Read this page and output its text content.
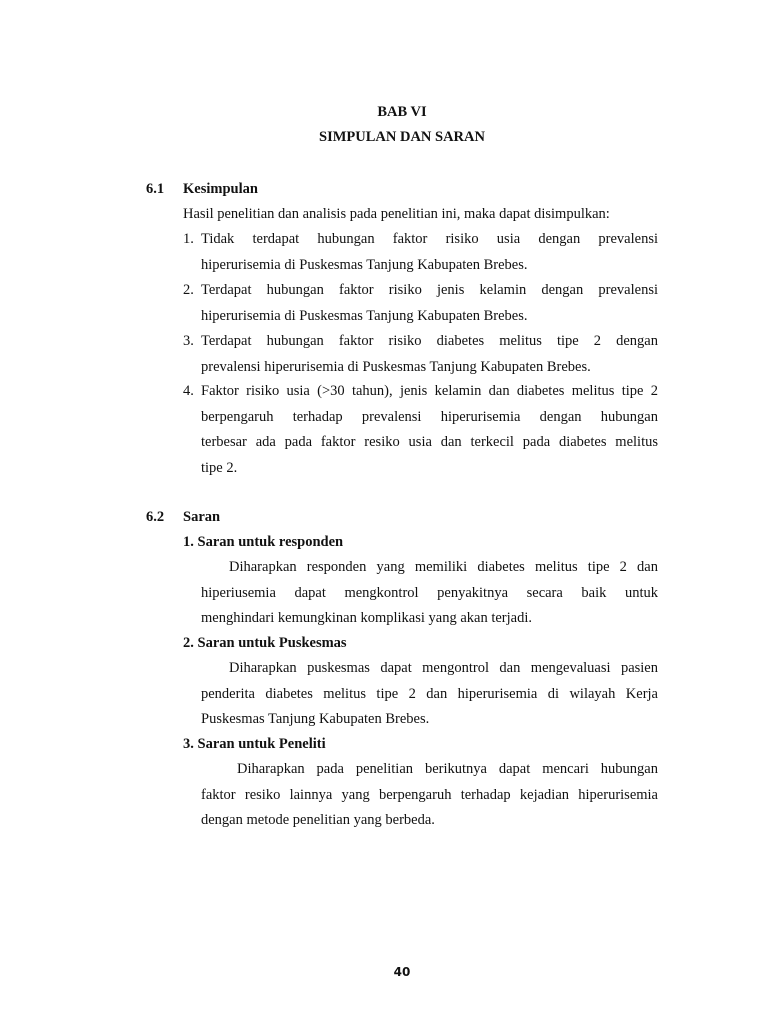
BAB VI
SIMPULAN DAN SARAN
6.1 Kesimpulan
Hasil penelitian dan analisis pada penelitian ini, maka dapat disimpulkan:
1. Tidak terdapat hubungan faktor risiko usia dengan prevalensi
hiperurisemia di Puskesmas Tanjung Kabupaten Brebes.
2. Terdapat hubungan faktor risiko jenis kelamin dengan prevalensi
hiperurisemia di Puskesmas Tanjung Kabupaten Brebes.
3. Terdapat hubungan faktor risiko diabetes melitus tipe 2 dengan
prevalensi hiperurisemia di Puskesmas Tanjung Kabupaten Brebes.
4. Faktor risiko usia (>30 tahun), jenis kelamin dan diabetes melitus tipe 2
berpengaruh terhadap prevalensi hiperurisemia dengan hubungan
terbesar ada pada faktor resiko usia dan terkecil pada diabetes melitus
tipe 2.
6.2 Saran
1. Saran untuk responden
Diharapkan responden yang memiliki diabetes melitus tipe 2 dan
hiperiusemia dapat mengkontrol penyakitnya secara baik untuk
menghindari kemungkinan komplikasi yang akan terjadi.
2. Saran untuk Puskesmas
Diharapkan puskesmas dapat mengontrol dan mengevaluasi pasien
penderita diabetes melitus tipe 2 dan hiperurisemia di wilayah Kerja
Puskesmas Tanjung Kabupaten Brebes.
3. Saran untuk Peneliti
Diharapkan pada penelitian berikutnya dapat mencari hubungan
faktor resiko lainnya yang berpengaruh terhadap kejadian hiperurisemia
dengan metode penelitian yang berbeda.
40
